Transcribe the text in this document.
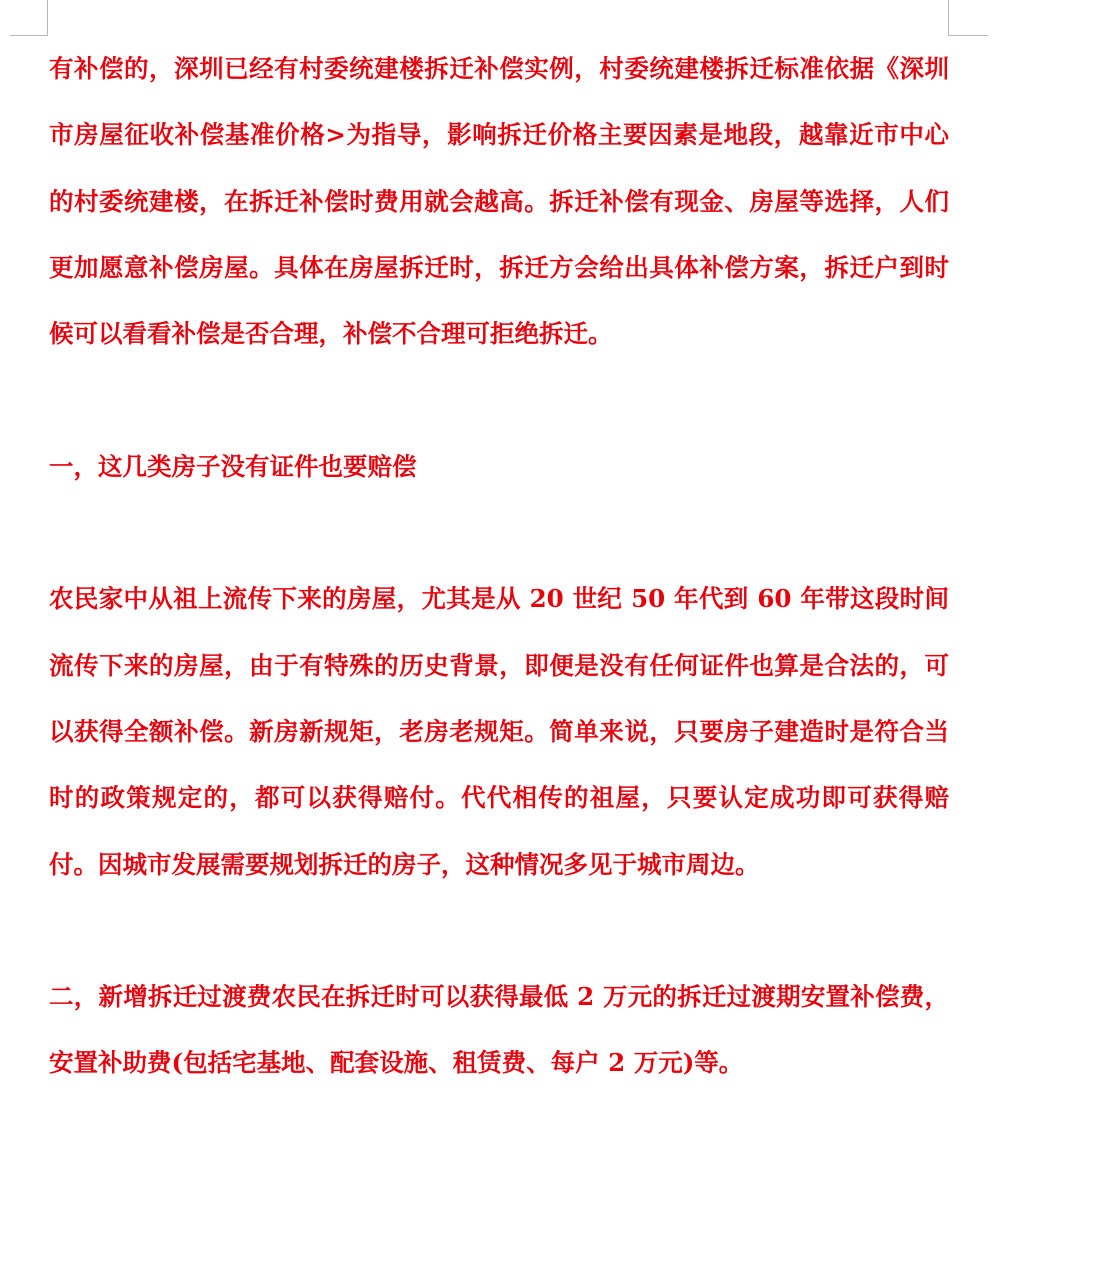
有补偿的，深圳已经有村委统建楼拆迁补偿实例，村委统建楼拆迁标准依据《深圳市房屋征收补偿基准价格>为指导，影响拆迁价格主要因素是地段，越靠近市中心的村委统建楼，在拆迁补偿时费用就会越高。拆迁补偿有现金、房屋等选择，人们更加愿意补偿房屋。具体在房屋拆迁时，拆迁方会给出具体补偿方案，拆迁户到时候可以看看补偿是否合理，补偿不合理可拒绝拆迁。

一，这几类房子没有证件也要赔偿

农民家中从祖上流传下来的房屋，尤其是从 20 世纪 50 年代到 60 年带这段时间流传下来的房屋，由于有特殊的历史背景，即便是没有任何证件也算是合法的，可以获得全额补偿。新房新规矩，老房老规矩。简单来说，只要房子建造时是符合当时的政策规定的，都可以获得赔付。代代相传的祖屋，只要认定成功即可获得赔付。因城市发展需要规划拆迁的房子，这种情况多见于城市周边。

二，新增拆迁过渡费农民在拆迁时可以获得最低 2 万元的拆迁过渡期安置补偿费，安置补助费(包括宅基地、配套设施、租赁费、每户 2 万元)等。
